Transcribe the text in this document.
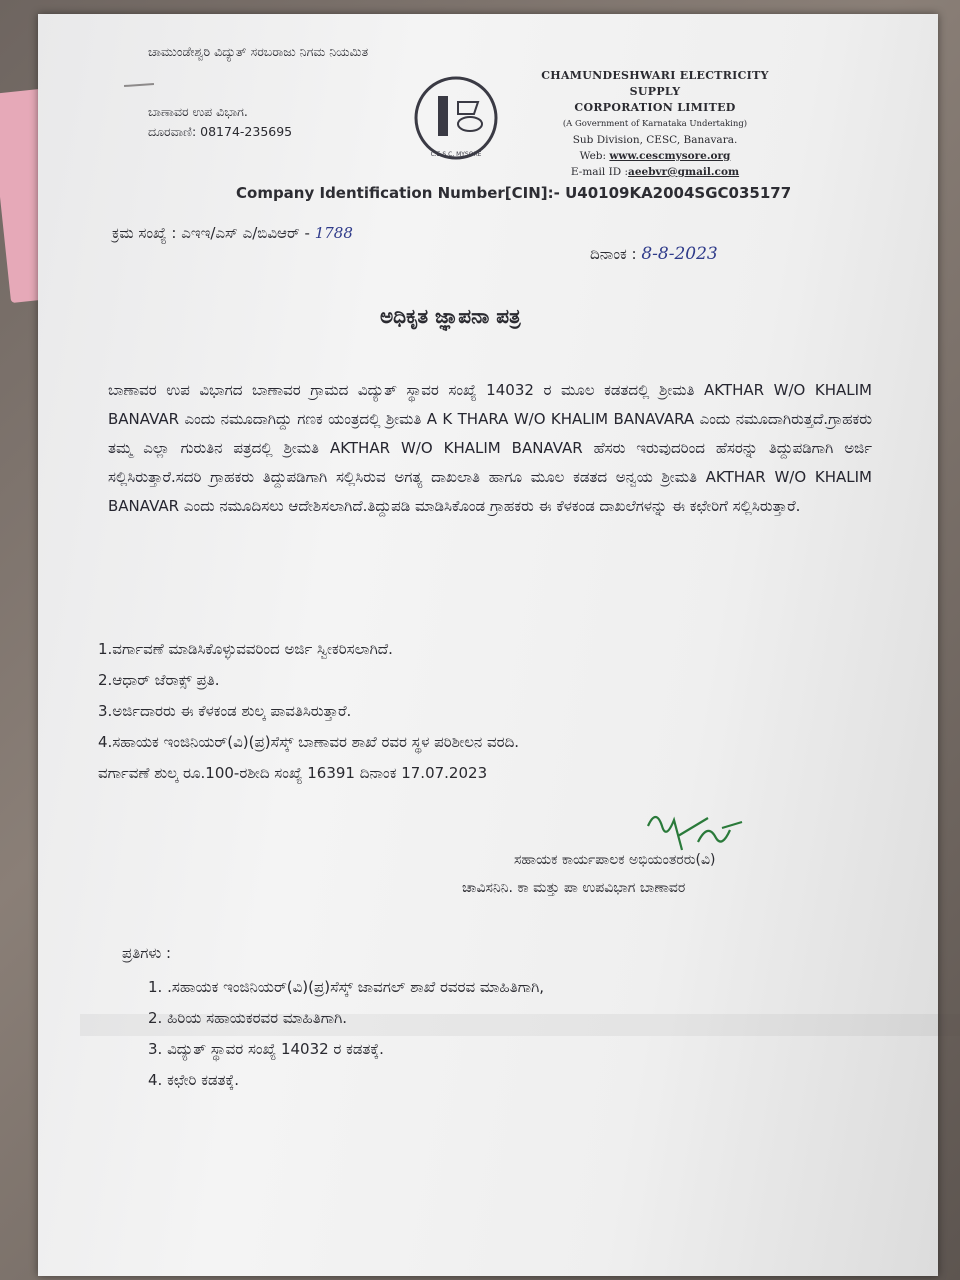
ಚಾಮುಂಡೇಶ್ವರಿ ವಿದ್ಯುತ್ ಸರಬರಾಜು ನಿಗಮ ನಿಯಮಿತ
ಬಾಣಾವರ ಉಪ ವಿಭಾಗ.
ದೂರವಾಣಿ: 08174-235695
C.E.S.C, MYSORE
CHAMUNDESHWARI ELECTRICITY SUPPLY
CORPORATION LIMITED
(A Government of Karnataka Undertaking)
Sub Division, CESC, Banavara.
Web: www.cescmysore.org
E-mail ID :aeebvr@gmail.com
Company Identification Number[CIN]:- U40109KA2004SGC035177
ಕ್ರಮ ಸಂಖ್ಯೆ : ಎಇಇ/ಎಸ್ ಎ/ಬಿವಿಆರ್ - 1788
ದಿನಾಂಕ : 8-8-2023
ಅಧಿಕೃತ ಜ್ಞಾಪನಾ ಪತ್ರ
ಬಾಣಾವರ ಉಪ ವಿಭಾಗದ ಬಾಣಾವರ ಗ್ರಾಮದ ವಿದ್ಯುತ್ ಸ್ಥಾವರ ಸಂಖ್ಯೆ 14032 ರ ಮೂಲ ಕಡತದಲ್ಲಿ ಶ್ರೀಮತಿ AKTHAR W/O KHALIM BANAVAR ಎಂದು ನಮೂದಾಗಿದ್ದು ಗಣಕ ಯಂತ್ರದಲ್ಲಿ ಶ್ರೀಮತಿ A K THARA W/O KHALIM BANAVARA ಎಂದು ನಮೂದಾಗಿರುತ್ತದೆ.ಗ್ರಾಹಕರು ತಮ್ಮ ಎಲ್ಲಾ ಗುರುತಿನ ಪತ್ರದಲ್ಲಿ ಶ್ರೀಮತಿ AKTHAR W/O KHALIM BANAVAR ಹೆಸರು ಇರುವುದರಿಂದ ಹೆಸರನ್ನು ತಿದ್ದುಪಡಿಗಾಗಿ ಅರ್ಜಿ ಸಲ್ಲಿಸಿರುತ್ತಾರೆ.ಸದರಿ ಗ್ರಾಹಕರು ತಿದ್ದುಪಡಿಗಾಗಿ ಸಲ್ಲಿಸಿರುವ ಅಗತ್ಯ ದಾಖಲಾತಿ ಹಾಗೂ ಮೂಲ ಕಡತದ ಅನ್ವಯ ಶ್ರೀಮತಿ AKTHAR W/O KHALIM BANAVAR ಎಂದು ನಮೂದಿಸಲು ಆದೇಶಿಸಲಾಗಿದೆ.ತಿದ್ದುಪಡಿ ಮಾಡಿಸಿಕೊಂಡ ಗ್ರಾಹಕರು ಈ ಕೆಳಕಂಡ ದಾಖಲೆಗಳನ್ನು ಈ ಕಛೇರಿಗೆ ಸಲ್ಲಿಸಿರುತ್ತಾರೆ.
1.ವರ್ಗಾವಣೆ ಮಾಡಿಸಿಕೊಳ್ಳುವವರಿಂದ ಅರ್ಜಿ ಸ್ವೀಕರಿಸಲಾಗಿದೆ.
2.ಆಧಾರ್ ಜೆರಾಕ್ಸ್ ಪ್ರತಿ.
3.ಅರ್ಜಿದಾರರು ಈ ಕೆಳಕಂಡ ಶುಲ್ಕ ಪಾವತಿಸಿರುತ್ತಾರೆ.
4.ಸಹಾಯಕ ಇಂಜಿನಿಯರ್(ವಿ)(ಪ್ರ)ಸೆಸ್ಕ್ ಬಾಣಾವರ ಶಾಖೆ ರವರ ಸ್ಥಳ ಪರಿಶೀಲನ ವರದಿ.
ವರ್ಗಾವಣೆ ಶುಲ್ಕ ರೂ.100-ರಶೀದಿ ಸಂಖ್ಯೆ 16391 ದಿನಾಂಕ 17.07.2023
ಸಹಾಯಕ ಕಾರ್ಯಪಾಲಕ ಅಭಿಯಂತರರು(ವಿ)
ಚಾವಿಸನಿನಿ. ಕಾ ಮತ್ತು ಪಾ ಉಪವಿಭಾಗ ಬಾಣಾವರ
ಪ್ರತಿಗಳು :
1. .ಸಹಾಯಕ ಇಂಜಿನಿಯರ್(ವಿ)(ಪ್ರ)ಸೆಸ್ಕ್ ಜಾವಗಲ್ ಶಾಖೆ ರವರವ ಮಾಹಿತಿಗಾಗಿ,
2. ಹಿರಿಯ ಸಹಾಯಕರವರ ಮಾಹಿತಿಗಾಗಿ.
3. ವಿದ್ಯುತ್ ಸ್ಥಾವರ ಸಂಖ್ಯೆ 14032 ರ ಕಡತಕ್ಕೆ.
4. ಕಛೇರಿ ಕಡತಕ್ಕೆ.
